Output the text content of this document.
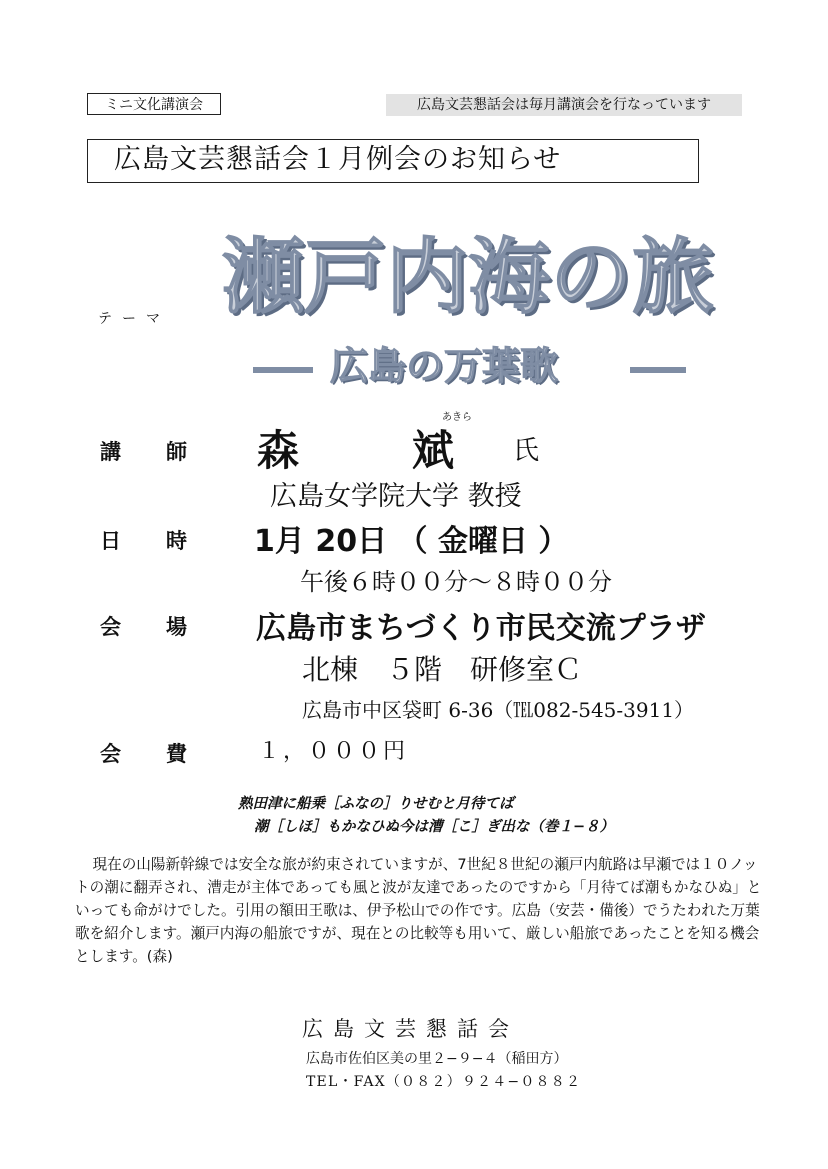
ミニ文化講演会	広島文芸懇話会は毎月講演会を行なっています
広島文芸懇話会１月例会のお知らせ
テーマ 瀬戸内海の旅
広島の万葉歌
講 師
あきら
森	斌 氏
広島女学院大学 教授
日 時 1月 20日 （ 金曜日 ）
午後６時００分～８時００分
会 場 広島市まちづくり市民交流プラザ
北棟　５階　研修室Ｃ
広島市中区袋町 6-36（℡082-545-3911）
会 費	１，０００円
熟田津に船乗［ふなの］りせむと月待てば
潮［しほ］もかなひぬ今は漕［こ］ぎ出な（巻１−８）
現在の山陽新幹線では安全な旅が約束されていますが、7世紀８世紀の瀬戸内航路は早瀬では１０ノットの潮に翻弄され、漕走が主体であっても風と波が友達であったのですから「月待てば潮もかなひぬ」といっても命がけでした。引用の額田王歌は、伊予松山での作です。広島（安芸・備後）でうたわれた万葉歌を紹介します。瀬戸内海の船旅ですが、現在との比較等も用いて、厳しい船旅であったことを知る機会とします。(森)
広島文芸懇話会
広島市佐伯区美の里２−９−４（稲田方）
TEL・FAX（０８２）９２４−０８８２
